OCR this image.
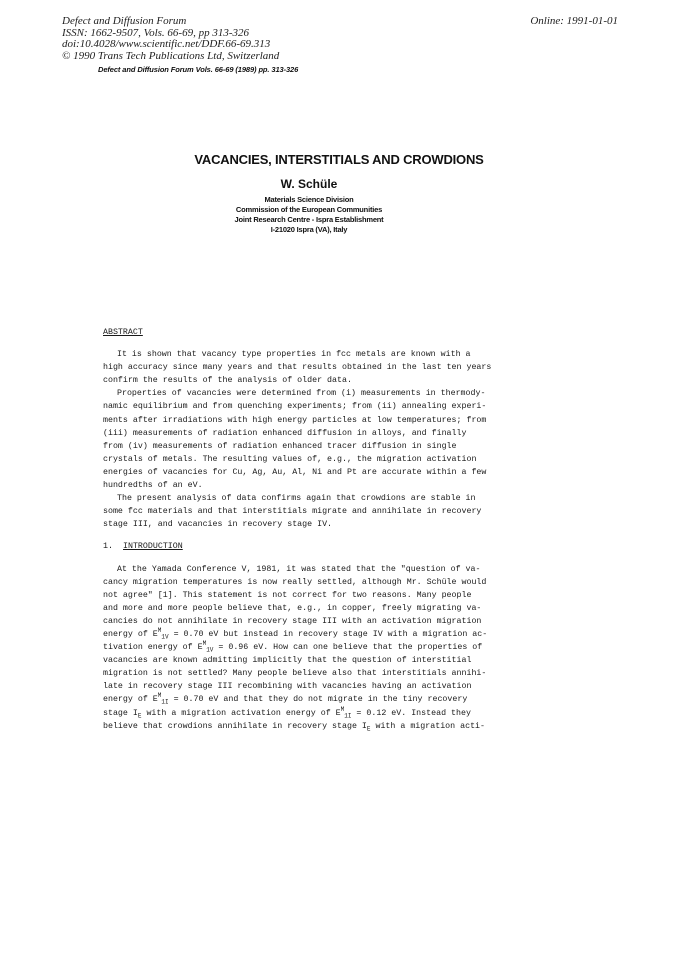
Defect and Diffusion Forum
ISSN: 1662-9507, Vols. 66-69, pp 313-326
doi:10.4028/www.scientific.net/DDF.66-69.313
© 1990 Trans Tech Publications Ltd, Switzerland
Online: 1991-01-01
Defect and Diffusion Forum Vols. 66-69 (1989) pp. 313-326
VACANCIES, INTERSTITIALS AND CROWDIONS
W. Schüle
Materials Science Division
Commission of the European Communities
Joint Research Centre - Ispra Establishment
I-21020 Ispra (VA), Italy
ABSTRACT
It is shown that vacancy type properties in fcc metals are known with a
high accuracy since many years and that results obtained in the last ten years
confirm the results of the analysis of older data.
Properties of vacancies were determined from (i) measurements in thermody-
namic equilibrium and from quenching experiments; from (ii) annealing experi-
ments after irradiations with high energy particles at low temperatures; from
(iii) measurements of radiation enhanced diffusion in alloys, and finally
from (iv) measurements of radiation enhanced tracer diffusion in single
crystals of metals. The resulting values of, e.g., the migration activation
energies of vacancies for Cu, Ag, Au, Al, Ni and Pt are accurate within a few
hundredths of an eV.
The present analysis of data confirms again that crowdions are stable in
some fcc materials and that interstitials migrate and annihilate in recovery
stage III, and vacancies in recovery stage IV.
1. INTRODUCTION
At the Yamada Conference V, 1981, it was stated that the "question of va-
cancy migration temperatures is now really settled, although Mr. Schüle would
not agree" [1]. This statement is not correct for two reasons. Many people
and more and more people believe that, e.g., in copper, freely migrating va-
cancies do not annihilate in recovery stage III with an activation migration
energy of $E^M_{1V} = 0.70$ eV but instead in recovery stage IV with a migration ac-
tivation energy of $E^M_{1V} = 0.96$ eV. How can one believe that the properties of
vacancies are known admitting implicitly that the question of interstitial
migration is not settled? Many people believe also that interstitials annihi-
late in recovery stage III recombining with vacancies having an activation
energy of $E^M_{1I} = 0.70$ eV and that they do not migrate in the tiny recovery
stage $I_E$ with a migration activation energy of $E^M_{1I} = 0.12$ eV. Instead they
believe that crowdions annihilate in recovery stage $I_E$ with a migration acti-
